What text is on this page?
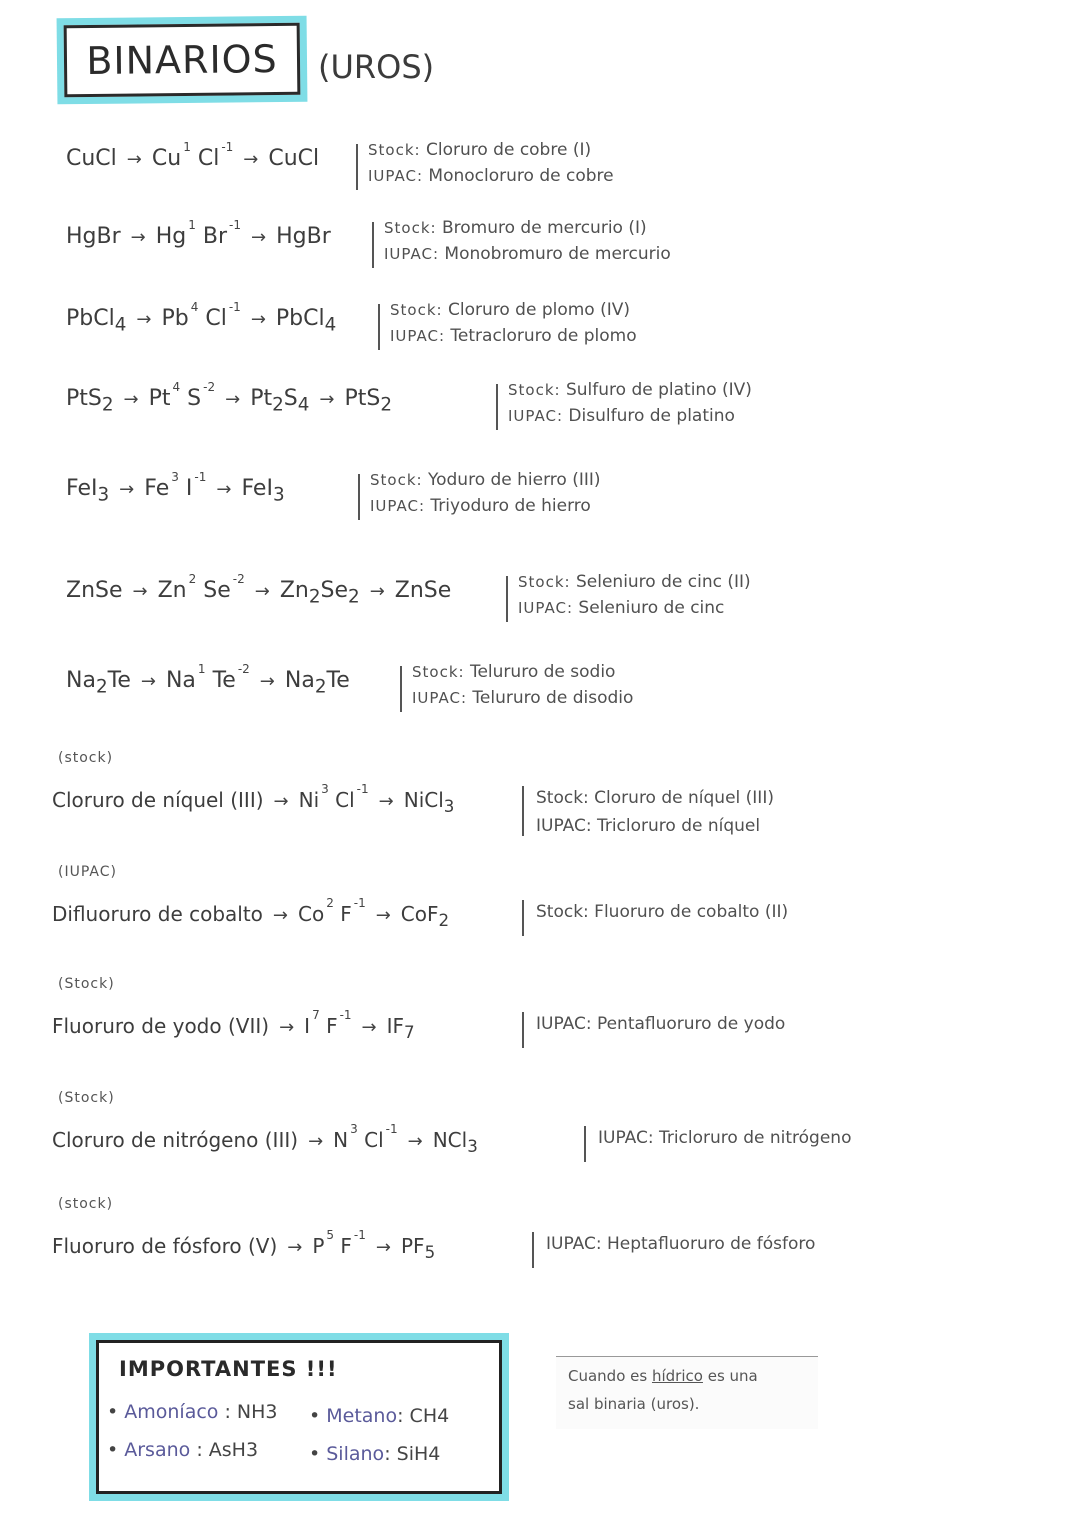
BINARIOS (UROS)
CuCl → Cu $^1$ Cl $^{-1}$→ CuCl	Stock: Cloruro de cobre (I)
IUPAC: Monocloruro de cobre
HgBr → Hg $^1$ Br $^{-1}$→ HgBr	Stock: Bromuro de mercurio (I)
IUPAC: Monobromuro de mercurio
PbCl$_4$ → Pb $^4$ Cl $^{-1}$→ PbCl$_4$
Stock: Cloruro de plomo (IV)
IUPAC: Tetracloruro de plomo
PtS$_2$ → Pt $^4$ S $^{-2}\to Pt_2S_4 \to PtS_2$
Stock: Sulfuro de platino (IV)
IUPAC: Disulfuro de platino
FeI$_3$ → Fe $^3$ I $^{-1}$→ FeI$_3$
Stock: Yoduro de hierro (III)
IUPAC: Triyoduro de hierro
ZnSe → Zn $^2$ Se $^{-2}\to Zn_2Se_2$ → ZnSe	Stock: Seleniuro de cinc (II)
IUPAC: Seleniuro de cinc
$Na_2Te \to Na$ $^1$ Te $^{-2}\to Na_2Te$	Stock: Telururo de sodio
IUPAC: Telururo de disodio
(stock)
Cloruro de níquel (III) → Ni $^3$ Cl $^{-1}$→ NiCl$_3$	Stock: Cloruro de níquel (III)
IUPAC: Tricloruro de níquel
(IUPAC)
Difluoruro de cobalto → Co $^2$ F $^{-1}$→ CoF$_2$	Stock: Fluoruro de cobalto (II)
(Stock)
Fluoruro de yodo (VII) → I $^7$ F $^{-1}\to IF_7$	IUPAC: Pentafluoruro de yodo
(Stock)
Cloruro de nitrógeno (III) → N $^3$ Cl $^{-1}$→ NCl$_3$	IUPAC: Tricloruro de nitrógeno
(stock)
Fluoruro de fósforo (V) → P $^5$ F $^{-1}\to PF_5$	IUPAC: Heptafluoruro de fósforo
IMPORTANTES !!!
• Amoníaco : NH3 • Metano: CH4
• Arsano : AsH3	• Silano: SiH4
Cuando es hídrico es una
sal binaria (uros).
